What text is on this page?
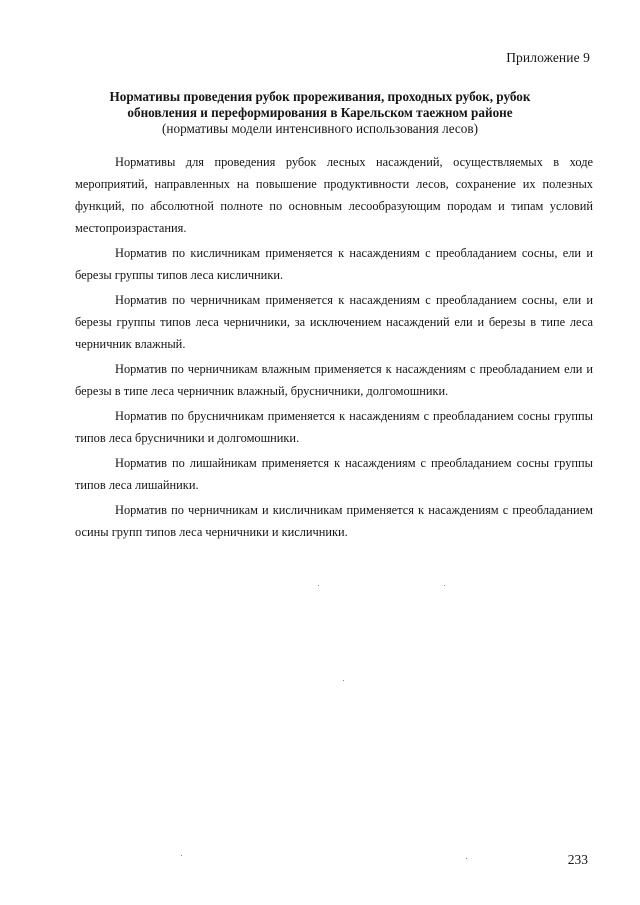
Приложение 9
Нормативы проведения рубок прореживания, проходных рубок, рубок
обновления и переформирования в Карельском таежном районе
(нормативы модели интенсивного использования лесов)

Нормативы для проведения рубок лесных насаждений, осуществляемых в ходе мероприятий, направленных на повышение продуктивности лесов, сохранение их полезных функций, по абсолютной полноте по основным лесообразующим породам и типам условий местопроизрастания.

Норматив по кисличникам применяется к насаждениям с преобладанием сосны, ели и березы группы типов леса кисличники.

Норматив по черничникам применяется к насаждениям с преобладанием сосны, ели и березы группы типов леса черничники, за исключением насаждений ели и березы в типе леса черничник влажный.

Норматив по черничникам влажным применяется к насаждениям с преобладанием ели и березы в типе леса черничник влажный, брусничники, долгомошники.

Норматив по брусничникам применяется к насаждениям с преобладанием сосны группы типов леса брусничники и долгомошники.

Норматив по лишайникам применяется к насаждениям с преобладанием сосны группы типов леса лишайники.

Норматив по черничникам и кисличникам применяется к насаждениям с преобладанием осины групп типов леса черничники и кисличники.

233
